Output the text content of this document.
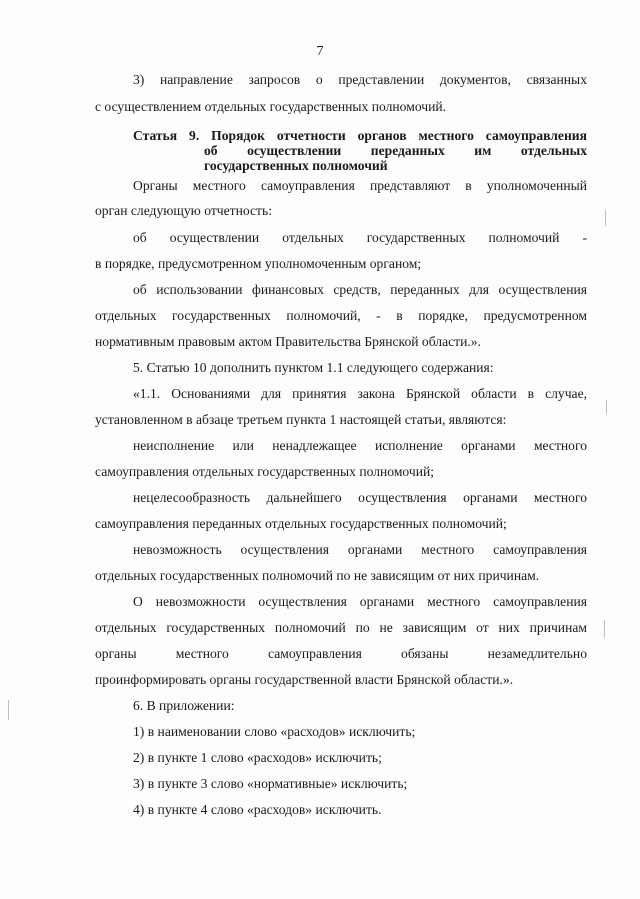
7
3) направление запросов о представлении документов, связанных
с осуществлением отдельных государственных полномочий.
Статья 9. Порядок отчетности органов местного самоуправления
об осуществлении переданных им отдельных
государственных полномочий
Органы местного самоуправления представляют в уполномоченный
орган следующую отчетность:
об осуществлении отдельных государственных полномочий -
в порядке, предусмотренном уполномоченным органом;
об использовании финансовых средств, переданных для осуществления
отдельных государственных полномочий, - в порядке, предусмотренном
нормативным правовым актом Правительства Брянской области.».
5. Статью 10 дополнить пунктом 1.1 следующего содержания:
«1.1. Основаниями для принятия закона Брянской области в случае,
установленном в абзаце третьем пункта 1 настоящей статьи, являются:
неисполнение или ненадлежащее исполнение органами местного
самоуправления отдельных государственных полномочий;
нецелесообразность дальнейшего осуществления органами местного
самоуправления переданных отдельных государственных полномочий;
невозможность осуществления органами местного самоуправления
отдельных государственных полномочий по не зависящим от них причинам.
О невозможности осуществления органами местного самоуправления
отдельных государственных полномочий по не зависящим от них причинам
органы местного самоуправления обязаны незамедлительно
проинформировать органы государственной власти Брянской области.».
6. В приложении:
1) в наименовании слово «расходов» исключить;
2) в пункте 1 слово «расходов» исключить;
3) в пункте 3 слово «нормативные» исключить;
4) в пункте 4 слово «расходов» исключить.
